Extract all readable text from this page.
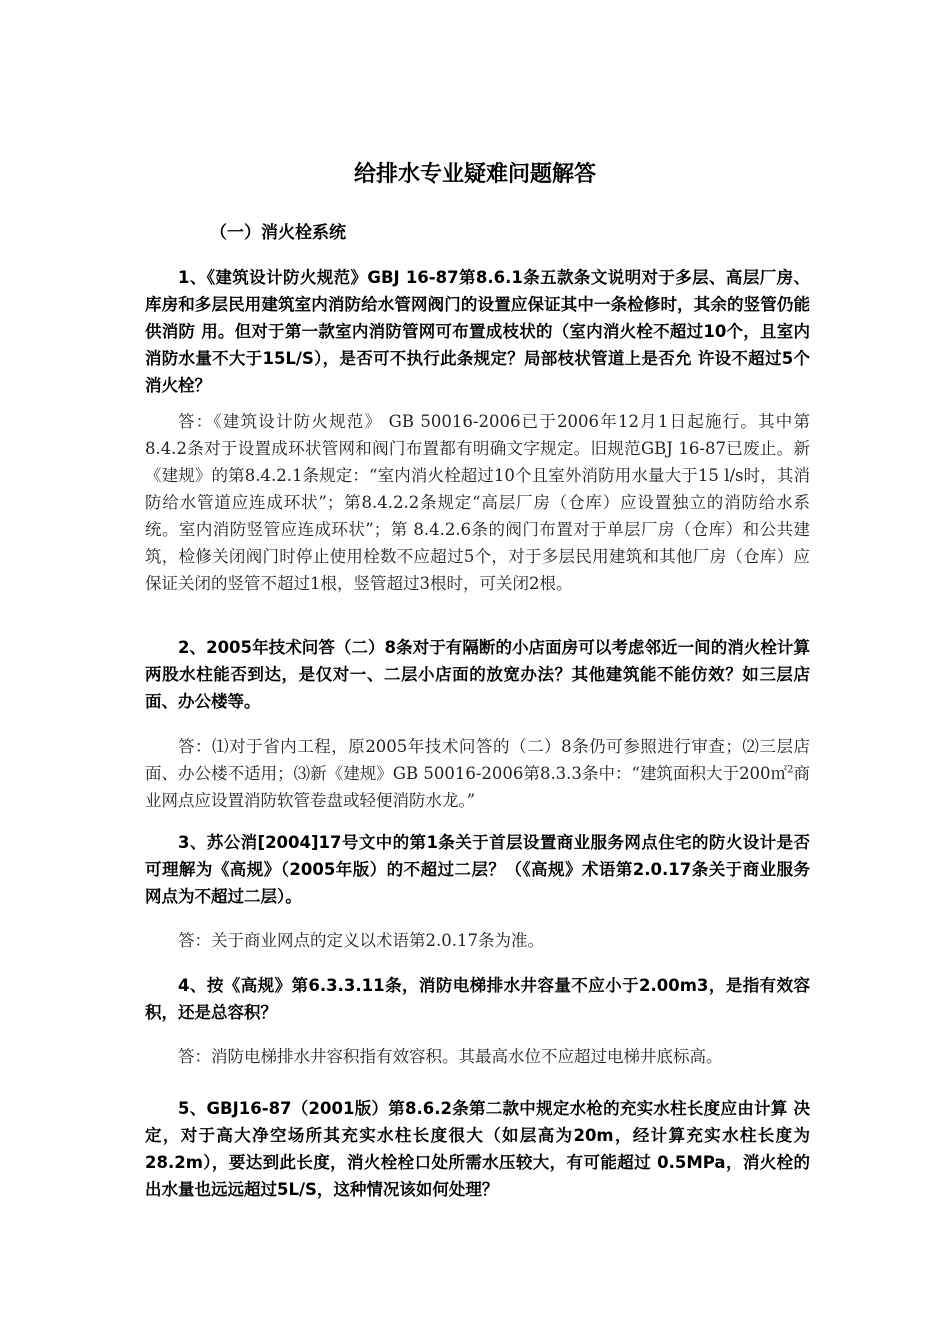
给排水专业疑难问题解答

（一）消火栓系统

1、《建筑设计防火规范》GBJ 16-87第8.6.1条五款条文说明对于多层、高层厂房、库房和多层民用建筑室内消防给水管网阀门的设置应保证其中一条检修时，其余的竖管仍能供消防 用。但对于第一款室内消防管网可布置成枝状的（室内消火栓不超过10个，且室内消防水量不大于15L/S），是否可不执行此条规定？局部枝状管道上是否允 许设不超过5个消火栓？

答：《建筑设计防火规范》 GB 50016-2006已于2006年12月1日起施行。其中第8.4.2条对于设置成环状管网和阀门布置都有明确文字规定。旧规范GBJ 16-87已废止。新《建规》的第8.4.2.1条规定：“室内消火栓超过10个且室外消防用水量大于15 l/s时，其消防给水管道应连成环状”；第8.4.2.2条规定“高层厂房（仓库）应设置独立的消防给水系统。室内消防竖管应连成环状”；第 8.4.2.6条的阀门布置对于单层厂房（仓库）和公共建筑，检修关闭阀门时停止使用栓数不应超过5个，对于多层民用建筑和其他厂房（仓库）应保证关闭的竖管不超过1根，竖管超过3根时，可关闭2根。

2、2005年技术问答（二）8条对于有隔断的小店面房可以考虑邻近一间的消火栓计算两股水柱能否到达，是仅对一、二层小店面的放宽办法？其他建筑能不能仿效？如三层店面、办公楼等。

答：⑴对于省内工程，原2005年技术问答的（二）8条仍可参照进行审查；⑵三层店面、办公楼不适用；⑶新《建规》GB 50016-2006第8.3.3条中：“建筑面积大于200㎡$^2$商业网点应设置消防软管卷盘或轻便消防水龙。”

3、苏公消[2004]17号文中的第1条关于首层设置商业服务网点住宅的防火设计是否可理解为《高规》（2005年版）的不超过二层？（《高规》术语第2.0.17条关于商业服务网点为不超过二层）。

答：关于商业网点的定义以术语第2.0.17条为准。

4、按《高规》第6.3.3.11条，消防电梯排水井容量不应小于2.00m3，是指有效容积，还是总容积？

答：消防电梯排水井容积指有效容积。其最高水位不应超过电梯井底标高。

5、GBJ16-87（2001版）第8.6.2条第二款中规定水枪的充实水柱长度应由计算 决定，对于高大净空场所其充实水柱长度很大（如层高为20m，经计算充实水柱长度为28.2m），要达到此长度，消火栓栓口处所需水压较大，有可能超过 0.5MPa，消火栓的出水量也远远超过5L/S，这种情况该如何处理？
